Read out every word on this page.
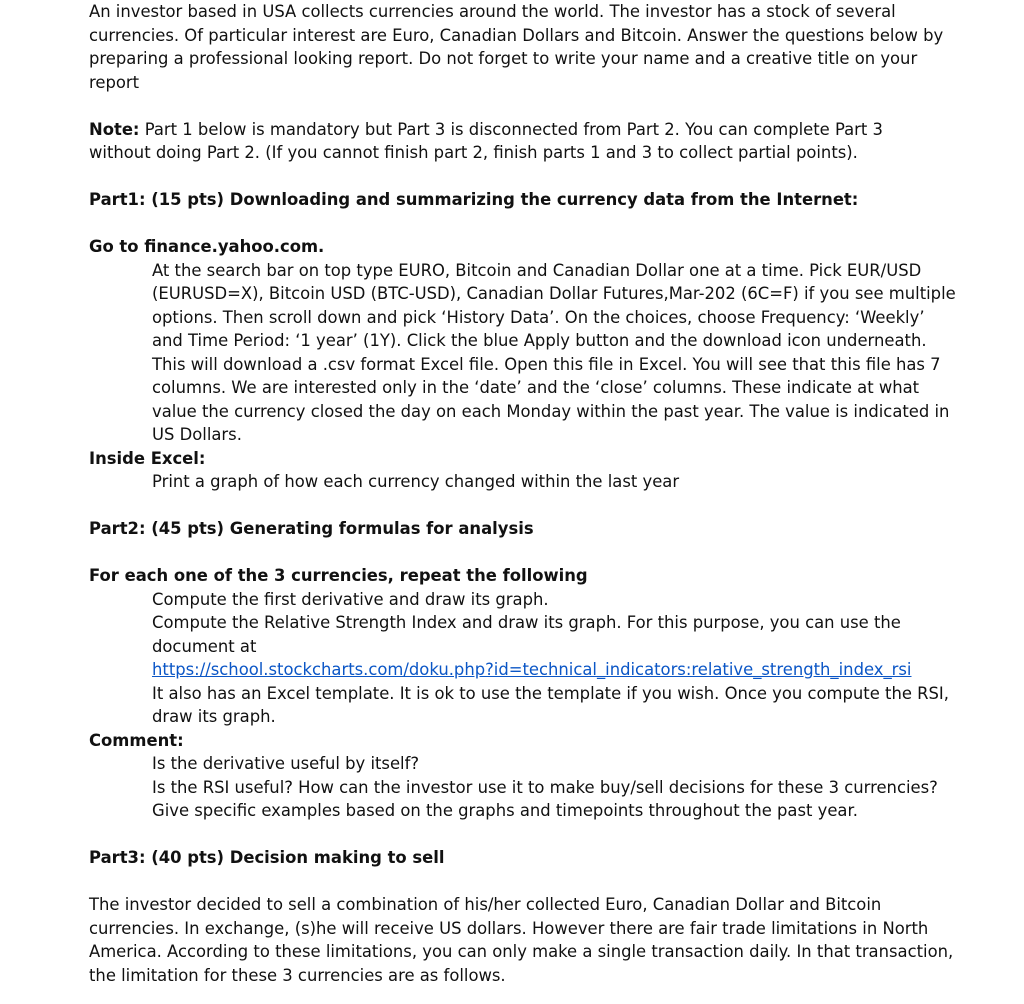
An investor based in USA collects currencies around the world. The investor has a stock of several
currencies. Of particular interest are Euro, Canadian Dollars and Bitcoin. Answer the questions below by
preparing a professional looking report. Do not forget to write your name and a creative title on your
report
Note: Part 1 below is mandatory but Part 3 is disconnected from Part 2. You can complete Part 3
without doing Part 2. (If you cannot finish part 2, finish parts 1 and 3 to collect partial points).
Part1: (15 pts) Downloading and summarizing the currency data from the Internet:
Go to finance.yahoo.com.
At the search bar on top type EURO, Bitcoin and Canadian Dollar one at a time. Pick EUR/USD
(EURUSD=X), Bitcoin USD (BTC-USD), Canadian Dollar Futures,Mar-202 (6C=F) if you see multiple
options. Then scroll down and pick ‘History Data’. On the choices, choose Frequency: ‘Weekly’
and Time Period: ‘1 year’ (1Y). Click the blue Apply button and the download icon underneath.
This will download a .csv format Excel file. Open this file in Excel. You will see that this file has 7
columns. We are interested only in the ‘date’ and the ‘close’ columns. These indicate at what
value the currency closed the day on each Monday within the past year. The value is indicated in
US Dollars.
Inside Excel:
Print a graph of how each currency changed within the last year
Part2: (45 pts) Generating formulas for analysis
For each one of the 3 currencies, repeat the following
Compute the first derivative and draw its graph.
Compute the Relative Strength Index and draw its graph. For this purpose, you can use the
document at
https://school.stockcharts.com/doku.php?id=technical_indicators:relative_strength_index_rsi
It also has an Excel template. It is ok to use the template if you wish. Once you compute the RSI,
draw its graph.
Comment:
Is the derivative useful by itself?
Is the RSI useful? How can the investor use it to make buy/sell decisions for these 3 currencies?
Give specific examples based on the graphs and timepoints throughout the past year.
Part3: (40 pts) Decision making to sell
The investor decided to sell a combination of his/her collected Euro, Canadian Dollar and Bitcoin
currencies. In exchange, (s)he will receive US dollars. However there are fair trade limitations in North
America. According to these limitations, you can only make a single transaction daily. In that transaction,
the limitation for these 3 currencies are as follows.
